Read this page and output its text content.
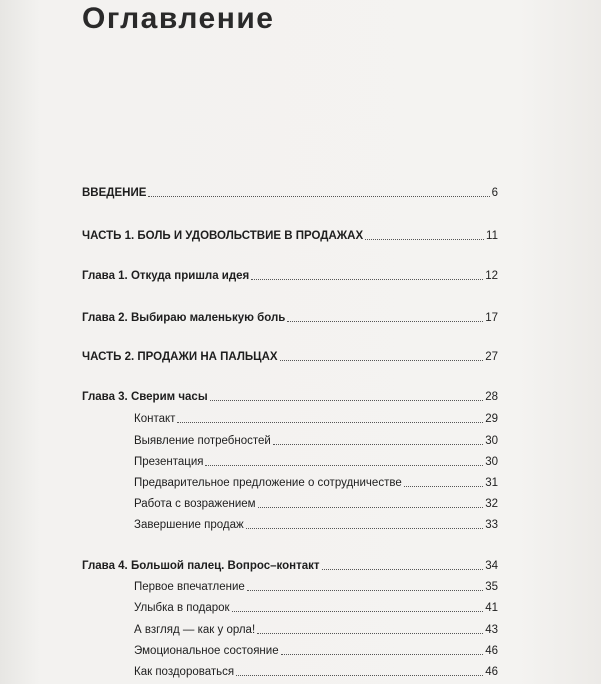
Оглавление
ВВЕДЕНИЕ	6
ЧАСТЬ 1. БОЛЬ И УДОВОЛЬСТВИЕ В ПРОДАЖАХ	11
Глава 1. Откуда пришла идея	12
Глава 2. Выбираю маленькую боль	17
ЧАСТЬ 2. ПРОДАЖИ НА ПАЛЬЦАХ	27
Глава 3. Сверим часы	28
Контакт	29
Выявление потребностей	30
Презентация	30
Предварительное предложение о сотрудничестве	31
Работа с возражением	32
Завершение продаж	33
Глава 4. Большой палец. Вопрос–контакт	34
Первое впечатление	35
Улыбка в подарок	41
А взгляд — как у орла!	43
Эмоциональное состояние	46
Как поздороваться	46
